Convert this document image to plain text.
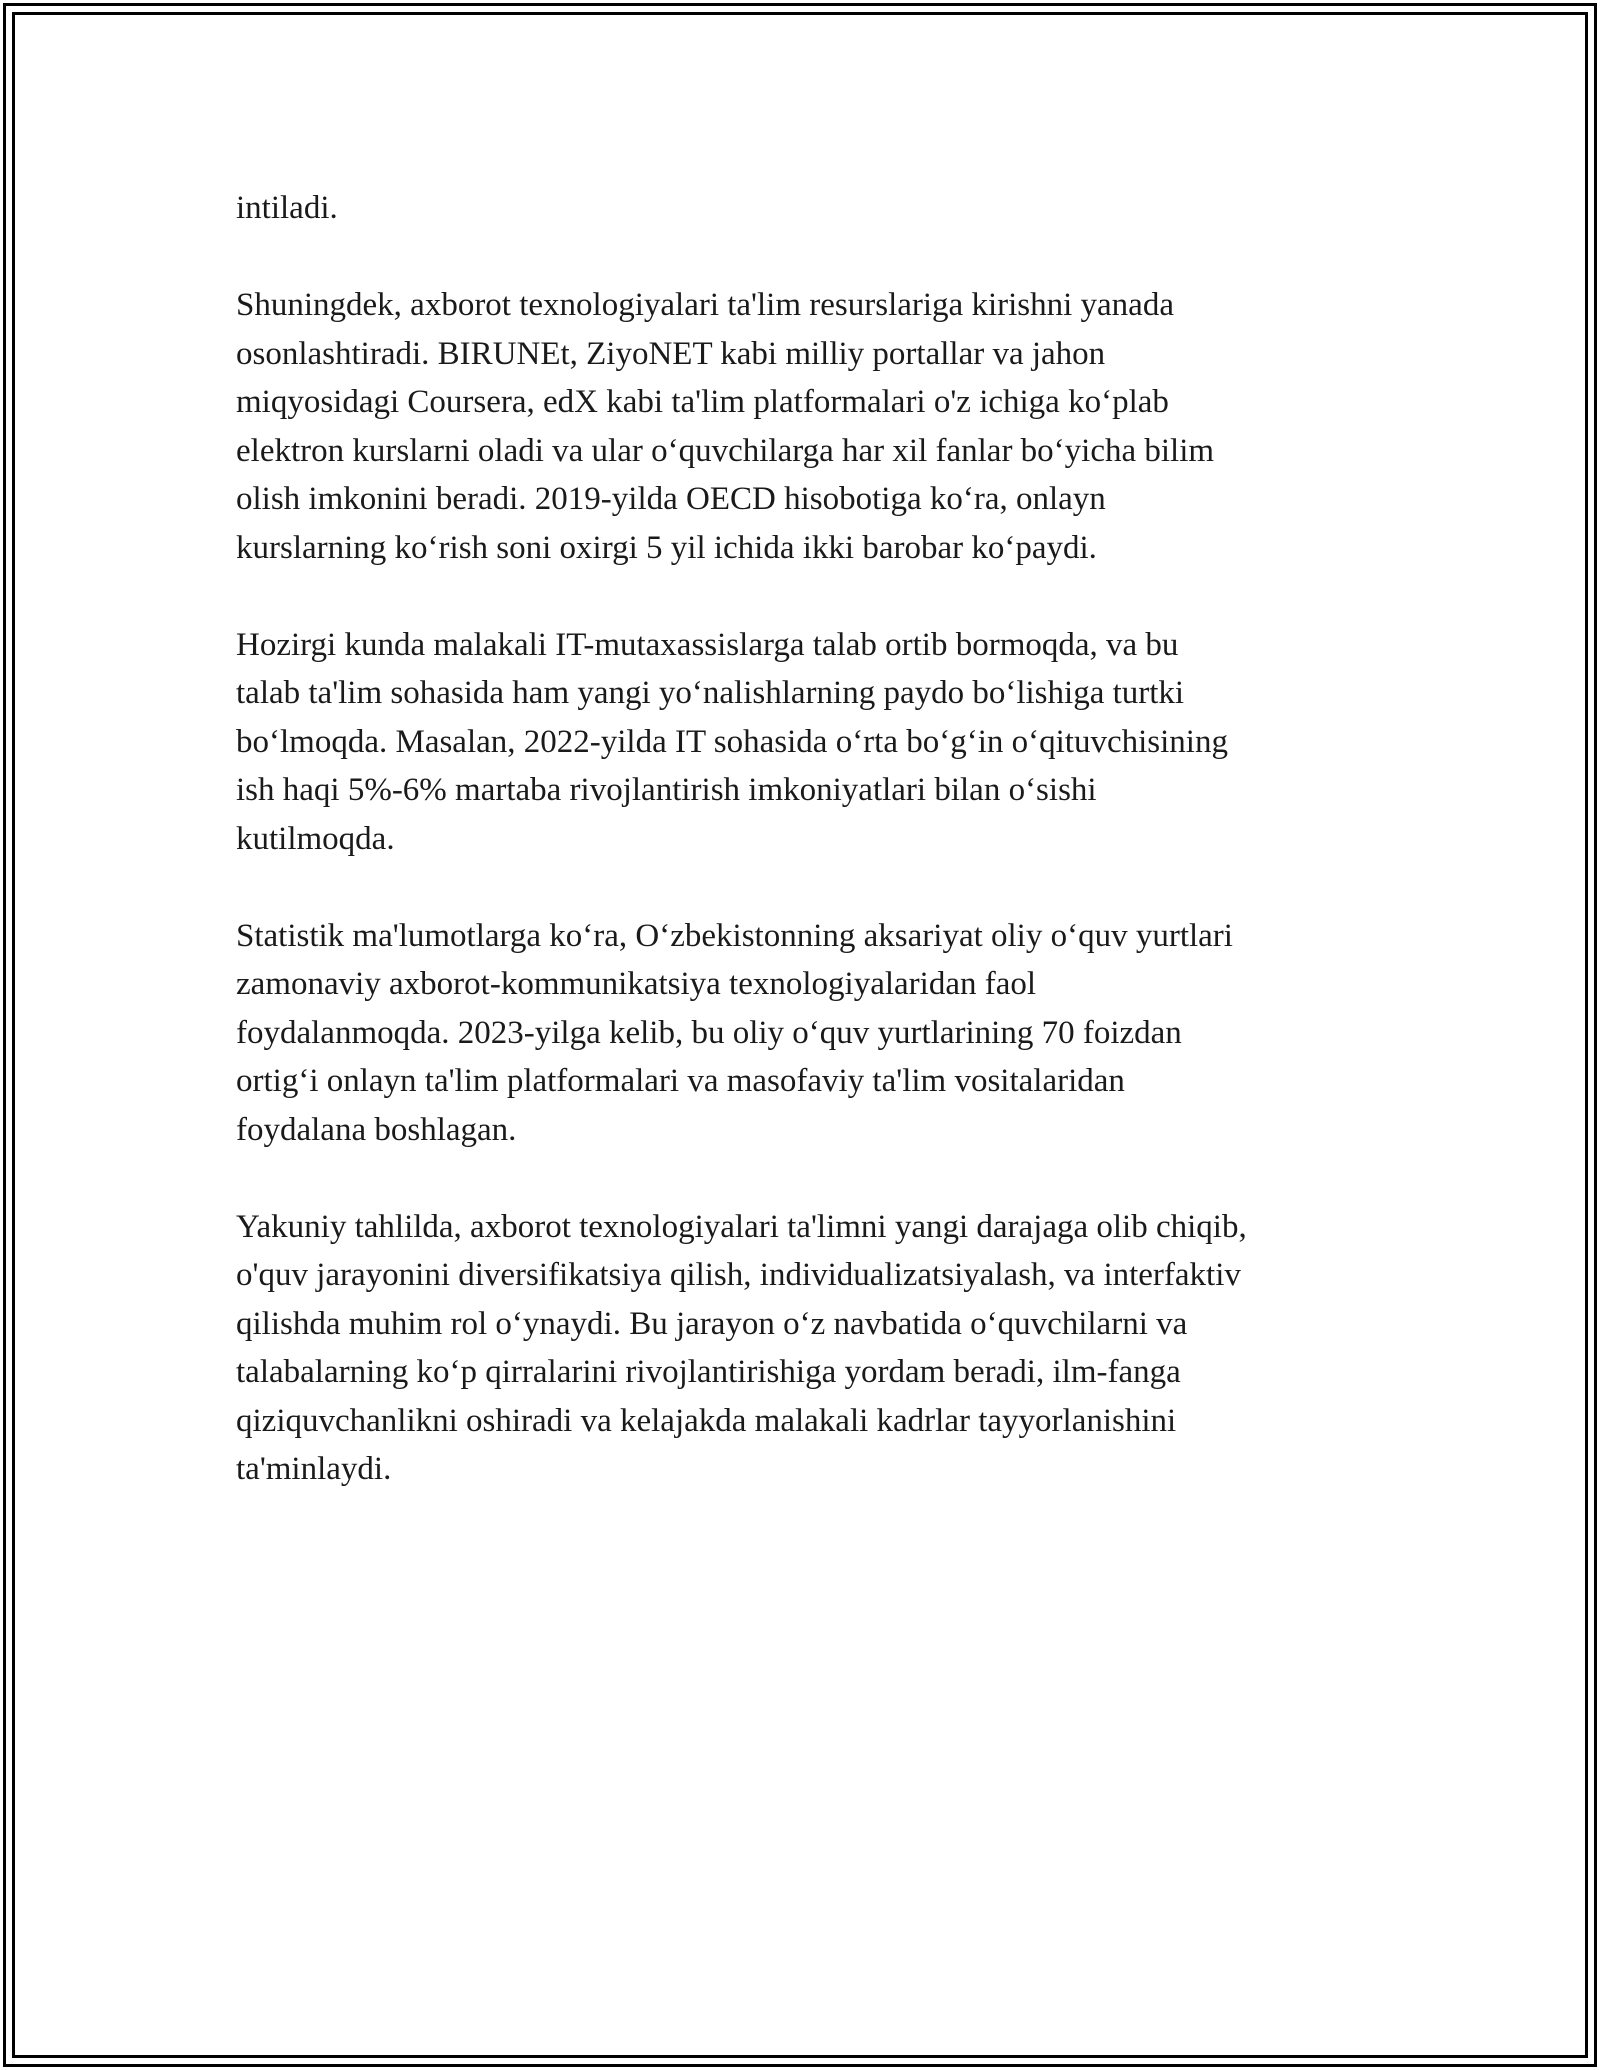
intiladi.

Shuningdek, axborot texnologiyalari ta'lim resurslariga kirishni yanada
osonlashtiradi. BIRUNEt, ZiyoNET kabi milliy portallar va jahon
miqyosidagi Coursera, edX kabi ta'lim platformalari o'z ichiga ko‘plab
elektron kurslarni oladi va ular o‘quvchilarga har xil fanlar bo‘yicha bilim
olish imkonini beradi. 2019-yilda OECD hisobotiga ko‘ra, onlayn
kurslarning ko‘rish soni oxirgi 5 yil ichida ikki barobar ko‘paydi.

Hozirgi kunda malakali IT-mutaxassislarga talab ortib bormoqda, va bu
talab ta'lim sohasida ham yangi yo‘nalishlarning paydo bo‘lishiga turtki
bo‘lmoqda. Masalan, 2022-yilda IT sohasida o‘rta bo‘g‘in o‘qituvchisining
ish haqi 5%-6% martaba rivojlantirish imkoniyatlari bilan o‘sishi
kutilmoqda.

Statistik ma'lumotlarga ko‘ra, O‘zbekistonning aksariyat oliy o‘quv yurtlari
zamonaviy axborot-kommunikatsiya texnologiyalaridan faol
foydalanmoqda. 2023-yilga kelib, bu oliy o‘quv yurtlarining 70 foizdan
ortig‘i onlayn ta'lim platformalari va masofaviy ta'lim vositalaridan
foydalana boshlagan.

Yakuniy tahlilda, axborot texnologiyalari ta'limni yangi darajaga olib chiqib,
o'quv jarayonini diversifikatsiya qilish, individualizatsiyalash, va interfaktiv
qilishda muhim rol o‘ynaydi. Bu jarayon o‘z navbatida o‘quvchilarni va
talabalarning ko‘p qirralarini rivojlantirishiga yordam beradi, ilm-fanga
qiziquvchanlikni oshiradi va kelajakda malakali kadrlar tayyorlanishini
ta'minlaydi.
